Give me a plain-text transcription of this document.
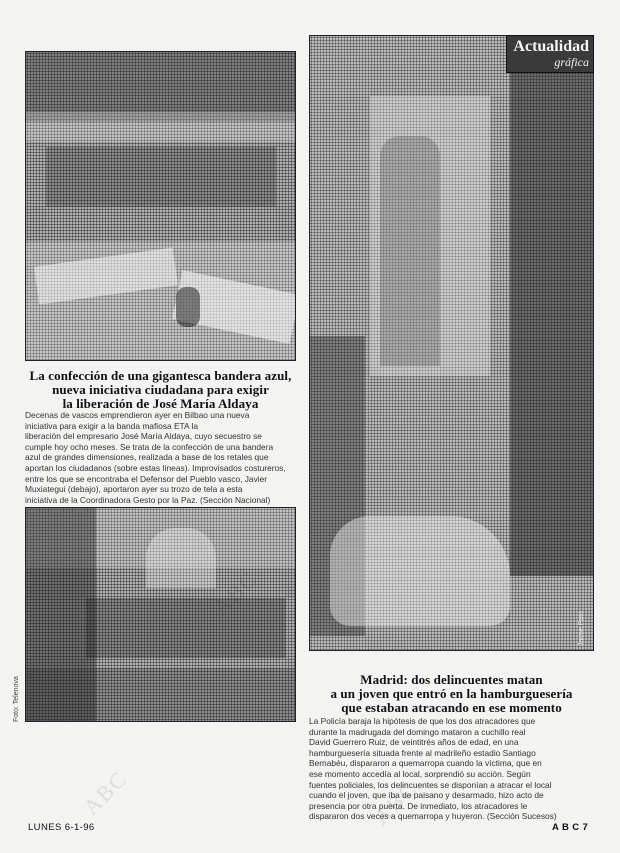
La confección de una gigantesca bandera azul,
nueva iniciativa ciudadana para exigir
la liberación de José María Aldaya
Decenas de vascos emprendieron ayer en Bilbao una nueva
iniciativa para exigir a la banda mafiosa ETA la
liberación del empresario José María Aldaya, cuyo secuestro se
cumple hoy ocho meses. Se trata de la confección de una bandera
azul de grandes dimensiones, realizada a base de los retales que
aportan los ciudadanos (sobre estas líneas). Improvisados costureros,
entre los que se encontraba el Defensor del Pueblo vasco, Javier
Muxiategui (debajo), aportaron ayer su trozo de tela a esta
iniciativa de la Coordinadora Gesto por la Paz. (Sección Nacional)
Foto: Telenova
Actualidad
gráfica
Jaime Pato
Madrid: dos delincuentes matan
a un joven que entró en la hamburguesería
que estaban atracando en ese momento
La Policía baraja la hipótesis de que los dos atracadores que
durante la madrugada del domingo mataron a cuchillo real
David Guerrero Ruiz, de veintitrés años de edad, en una
hamburguesería situada frente al madrileño estadio Santiago
Bernabéu, dispararon a quemarropa cuando la víctima, que en
ese momento accedía al local, sorprendió su acción. Según
fuentes policiales, los delincuentes se disponían a atracar el local
cuando el joven, que iba de paisano y desarmado, hizo acto de
presencia por otra puerta. De inmediato, los atracadores le
dispararon dos veces a quemarropa y huyeron. (Sección Sucesos)
LUNES 6-1-96	A B C 7
ABC
ABC
ABC
